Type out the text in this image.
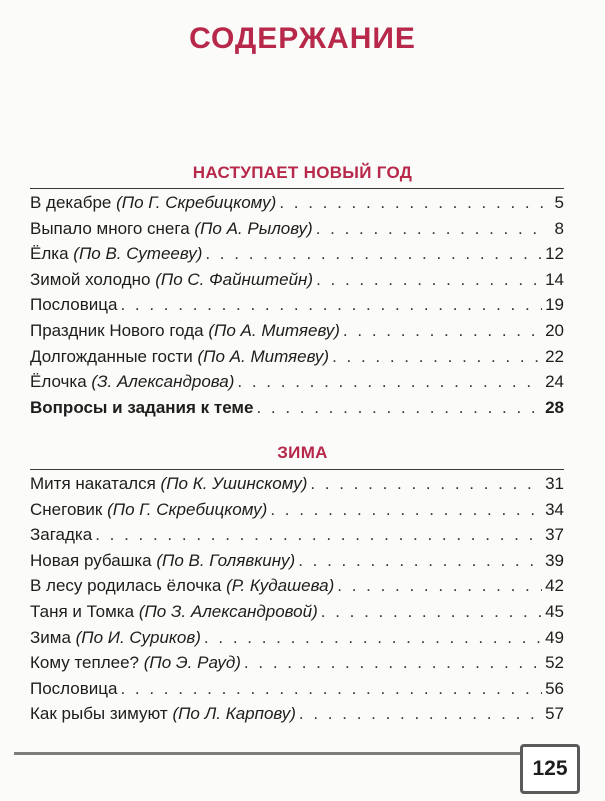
СОДЕРЖАНИЕ
НАСТУПАЕТ НОВЫЙ ГОД
В декабре (По Г. Скребицкому) . . .	5
Выпало много снега (По А. Рылову) . . .	8
Ёлка (По В. Сутееву) . . .	12
Зимой холодно (По С. Файнштейн) . . .	14
Пословица . . .	19
Праздник Нового года (По А. Митяеву) . . .	20
Долгожданные гости (По А. Митяеву) . . .	22
Ёлочка (З. Александрова) . . .	24
Вопросы и задания к теме . . .	28
ЗИМА
Митя накатался (По К. Ушинскому) . . .	31
Снеговик (По Г. Скребицкому) . . .	34
Загадка . . .	37
Новая рубашка (По В. Голявкину) . . .	39
В лесу родилась ёлочка (Р. Кудашева) . . .	42
Таня и Томка (По З. Александровой) . . .	45
Зима (По И. Суриков) . . .	49
Кому теплее? (По Э. Рауд) . . .	52
Пословица . . .	56
Как рыбы зимуют (По Л. Карпову) . . .	57
125
